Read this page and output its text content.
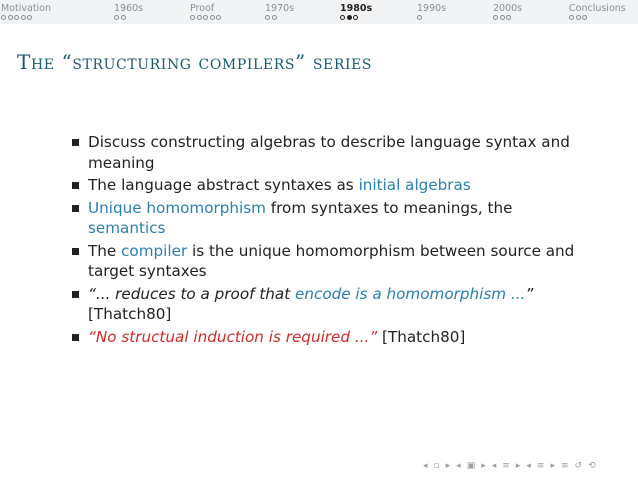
Motivation	1960s	Proof	1970s	1980s	1990s	2000s	Conclusions
The “structuring compilers” series
Discuss constructing algebras to describe language syntax and meaning
The language abstract syntaxes as initial algebras
Unique homomorphism from syntaxes to meanings, the semantics
The compiler is the unique homomorphism between source and target syntaxes
“... reduces to a proof that encode is a homomorphism ...” [Thatch80]
“No structual induction is required ...” [Thatch80]
◂ ▫ ▸ ◂ ▣ ▸ ◂ ≡ ▸ ◂ ≡ ▸ ≡ ↺ ⟲
